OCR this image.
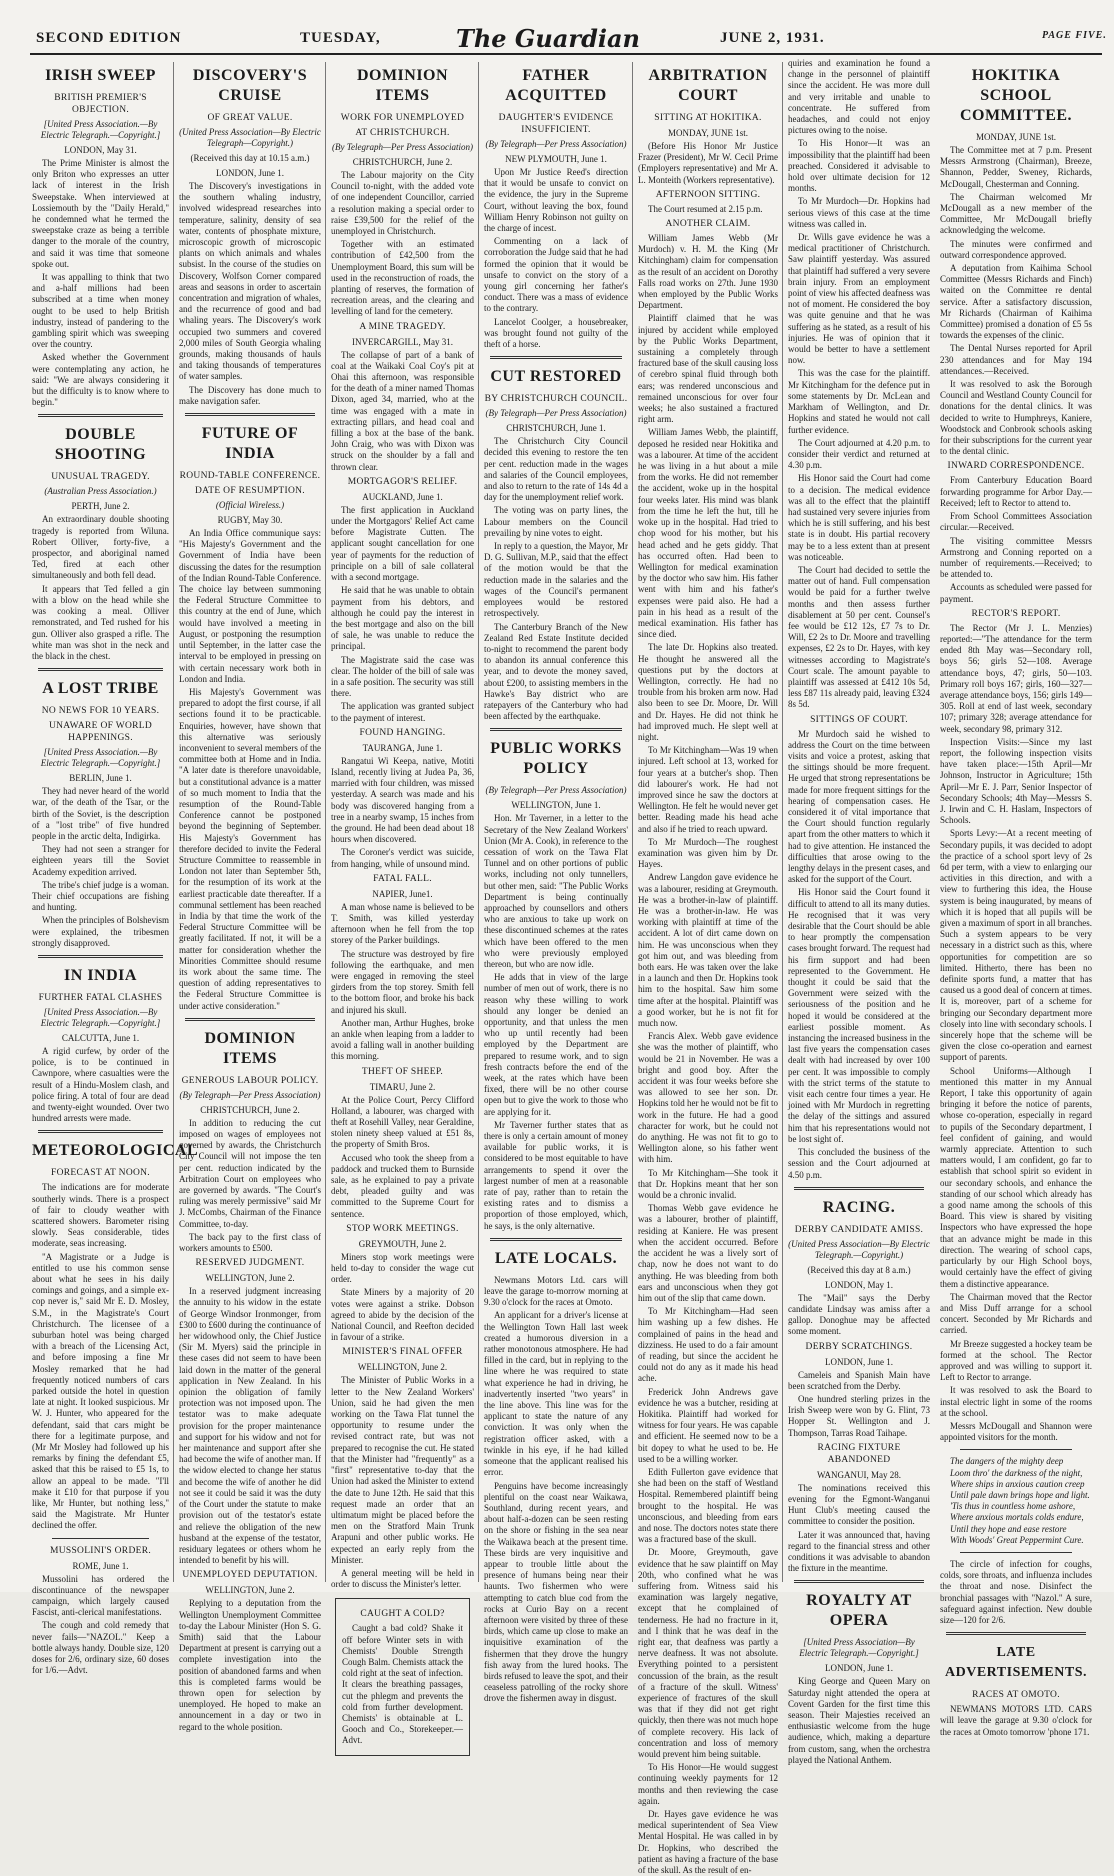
SECOND EDITION	TUESDAY,	The Guardian	JUNE 2, 1931.	PAGE FIVE.
IRISH SWEEP
BRITISH PREMIER'S OBJECTION.
[United Press Association.—By Electric Telegraph.—Copyright.]
LONDON, May 31.

The Prime Minister is almost the only Briton who expresses an utter lack of interest in the Irish Sweepstake. When interviewed at Lossiemouth by the "Daily Herald," he condemned what he termed the sweepstake craze as being a terrible danger to the morale of the country, and said it was time that someone spoke out.

It was appalling to think that two and a-half millions had been subscribed at a time when money ought to be used to help British industry, instead of pandering to the gambling spirit which was sweeping over the country.

Asked whether the Government were contemplating any action, he said: "We are always considering it but the difficulty is to know where to begin."

DOUBLE SHOOTING
UNUSUAL TRAGEDY.
(Australian Press Association.)
PERTH, June 2.

An extraordinary double shooting tragedy is reported from Wiluna. Robert Olliver, forty-five, a prospector, and aboriginal named Ted, fired at each other simultaneously and both fell dead.

It appears that Ted felled a gin with a blow on the head while she was cooking a meal. Olliver remonstrated, and Ted rushed for his gun. Olliver also grasped a rifle. The white man was shot in the neck and the black in the chest.

A LOST TRIBE
NO NEWS FOR 10 YEARS.
UNAWARE OF WORLD HAPPENINGS.
[United Press Association.—By Electric Telegraph.—Copyright.]
BERLIN, June 1.

They had never heard of the world war, of the death of the Tsar, or the birth of the Soviet, is the description of a "lost tribe" of five hundred people in the arctic delta, Indigirka.

They had not seen a stranger for eighteen years till the Soviet Academy expedition arrived.

The tribe's chief judge is a woman. Their chief occupations are fishing and hunting.

When the principles of Bolshevism were explained, the tribesmen strongly disapproved.

IN INDIA
FURTHER FATAL CLASHES
[United Press Association.—By Electric Telegraph.—Copyright.]
CALCUTTA, June 1.

A rigid curfew, by order of the police, is to be continued in Cawnpore, where casualties were the result of a Hindu-Moslem clash, and police firing. A total of four are dead and twenty-eight wounded. Over two hundred arrests were made.

METEOROLOGICAL
FORECAST AT NOON.

The indications are for moderate southerly winds. There is a prospect of fair to cloudy weather with scattered showers. Barometer rising slowly. Seas considerable, tides moderate, seas increasing.

"A Magistrate or a Judge is entitled to use his common sense about what he sees in his daily comings and goings, and a simple ex-cop never is," said Mr E. D. Mosley, S.M., in the Magistrate's Court Christchurch. The licensee of a suburban hotel was being charged with a breach of the Licensing Act, and before imposing a fine Mr Mosley remarked that he had frequently noticed numbers of cars parked outside the hotel in question late at night. It looked suspicious. Mr W. J. Hunter, who appeared for the defendant, said that cars might be there for a legitimate purpose, and (Mr Mr Mosley had followed up his remarks by fining the defendant £5, asked that this be raised to £5 1s, to allow an appeal to be made. "I'll make it £10 for that purpose if you like, Mr Hunter, but nothing less," said the Magistrate. Mr Hunter declined the offer.

MUSSOLINI'S ORDER.
ROME, June 1.

Mussolini has ordered the discontinuance of the newspaper campaign, which largely caused Fascist, anti-clerical manifestations.

The cough and cold remedy that never fails—"NAZOL." Keep a bottle always handy. Double size, 120 doses for 2/6, ordinary size, 60 doses for 1/6.—Advt.

DISCOVERY'S CRUISE
OF GREAT VALUE.
(United Press Association—By Electric Telegraph—Copyright.)
(Received this day at 10.15 a.m.)
LONDON, June 1.

The Discovery's investigations in the southern whaling industry, involved widespread researches into temperature, salinity, density of sea water, contents of phosphate mixture, microscopic growth of microscopic plants on which animals and whales subsist. In the course of the studies on Discovery, Wolfson Corner compared areas and seasons in order to ascertain concentration and migration of whales, and the recurrence of good and bad whaling years. The Discovery's work occupied two summers and covered 2,000 miles of South Georgia whaling grounds, making thousands of hauls and taking thousands of temperatures of water samples.

The Discovery has done much to make navigation safer.

FUTURE OF INDIA
ROUND-TABLE CONFERENCE.
DATE OF RESUMPTION.
(Official Wireless.)
RUGBY, May 30.

An India Office communique says: "His Majesty's Government and the Government of India have been discussing the dates for the resumption of the Indian Round-Table Conference. The choice lay between summoning the Federal Structure Committee to this country at the end of June, which would have involved a meeting in August, or postponing the resumption until September, in the latter case the interval to be employed in pressing on with certain necessary work both in London and India.

His Majesty's Government was prepared to adopt the first course, if all sections found it to be practicable. Enquiries, however, have shown that this alternative was seriously inconvenient to several members of the committee both at Home and in India. "A later date is therefore unavoidable, but a constitutional advance is a matter of so much moment to India that the resumption of the Round-Table Conference cannot be postponed beyond the beginning of September. His Majesty's Government has therefore decided to invite the Federal Structure Committee to reassemble in London not later than September 5th, for the resumption of its work at the earliest practicable date thereafter. If a communal settlement has been reached in India by that time the work of the Federal Structure Committee will be greatly facilitated. If not, it will be a matter for consideration whether the Minorities Committee should resume its work about the same time. The question of adding representatives to the Federal Structure Committee is under active consideration."

DOMINION ITEMS
GENEROUS LABOUR POLICY.
(By Telegraph—Per Press Association)
CHRISTCHURCH, June 2.

In addition to reducing the cut imposed on wages of employees not governed by awards, the Christchurch City Council will not impose the ten per cent. reduction indicated by the Arbitration Court on employees who are governed by awards. "The Court's ruling was merely permissive" said Mr J. McCombs, Chairman of the Finance Committee, to-day.

The back pay to the first class of workers amounts to £500.

RESERVED JUDGMENT.
WELLINGTON, June 2.

In a reserved judgment increasing the annuity to his widow in the estate of George Windsor Ironmonger, from £300 to £600 during the continuance of her widowhood only, the Chief Justice (Sir M. Myers) said the principle in these cases did not seem to have been laid down in the matter of the general application in New Zealand. In his opinion the obligation of family protection was not imposed upon. The testator was to make adequate provision for the proper maintenance and support for his widow and not for her maintenance and support after she had become the wife of another man. If the widow elected to change her status and become the wife of another he did not see it could be said it was the duty of the Court under the statute to make provision out of the testator's estate and relieve the obligation of the new husband at the expense of the testator, residuary legatees or others whom he intended to benefit by his will.

UNEMPLOYED DEPUTATION.
WELLINGTON, June 2.

Replying to a deputation from the Wellington Unemployment Committee to-day the Labour Minister (Hon S. G. Smith) said that the Labour Department at present is carrying out a complete investigation into the position of abandoned farms and when this is completed farms would be thrown open for selection by unemployed. He hoped to make an announcement in a day or two in regard to the whole position.

DOMINION ITEMS
WORK FOR UNEMPLOYED
AT CHRISTCHURCH.
(By Telegraph—Per Press Association)
CHRISTCHURCH, June 2.

The Labour majority on the City Council to-night, with the added vote of one independent Councillor, carried a resolution making a special order to raise £39,500 for the relief of the unemployed in Christchurch.

Together with an estimated contribution of £42,500 from the Unemployment Board, this sum will be used in the reconstruction of roads, the planting of reserves, the formation of recreation areas, and the clearing and levelling of land for the cemetery.

A MINE TRAGEDY.
INVERCARGILL, May 31.

The collapse of part of a bank of coal at the Waikaki Coal Coy's pit at Ohai this afternoon, was responsible for the death of a miner named Thomas Dixon, aged 34, married, who at the time was engaged with a mate in extracting pillars, and head coal and filling a box at the base of the bank. John Craig, who was with Dixon was struck on the shoulder by a fall and thrown clear.

MORTGAGOR'S RELIEF.
AUCKLAND, June 1.

The first application in Auckland under the Mortgagors' Relief Act came before Magistrate Cutten. The applicant sought cancellation for one year of payments for the reduction of principle on a bill of sale collateral with a second mortgage.

He said that he was unable to obtain payment from his debtors, and although he could pay the interest in the best mortgage and also on the bill of sale, he was unable to reduce the principal.

The Magistrate said the case was clear. The holder of the bill of sale was in a safe position. The security was still there.

The application was granted subject to the payment of interest.

FOUND HANGING.
TAURANGA, June 1.

Rangatui Wi Keepa, native, Motiti Island, recently living at Judea Pa, 36, married with four children, was missed yesterday. A search was made and his body was discovered hanging from a tree in a nearby swamp, 15 inches from the ground. He had been dead about 18 hours when discovered.

The Coroner's verdict was suicide, from hanging, while of unsound mind.

FATAL FALL.
NAPIER, June1.

A man whose name is believed to be T. Smith, was killed yesterday afternoon when he fell from the top storey of the Parker buildings.

The structure was destroyed by fire following the earthquake, and men were engaged in removing the steel girders from the top storey. Smith fell to the bottom floor, and broke his back and injured his skull.

Another man, Arthur Hughes, broke an ankle when leaping from a ladder to avoid a falling wall in another building this morning.

THEFT OF SHEEP.
TIMARU, June 2.

At the Police Court, Percy Clifford Holland, a labourer, was charged with theft at Rosehill Valley, near Geraldine, stolen ninety sheep valued at £51 8s, the property of Smith Bros.

Accused who took the sheep from a paddock and trucked them to Burnside sale, as he explained to pay a private debt, pleaded guilty and was committed to the Supreme Court for sentence.

STOP WORK MEETINGS.
GREYMOUTH, June 2.

Miners stop work meetings were held to-day to consider the wage cut order.

State Miners by a majority of 20 votes were against a strike. Dobson agreed to abide by the decision of the National Council, and Reefton decided in favour of a strike.

MINISTER'S FINAL OFFER
WELLINGTON, June 2.

The Minister of Public Works in a letter to the New Zealand Workers' Union, said he had given the men working on the Tawa Flat tunnel the opportunity to resume under the revised contract rate, but was not prepared to recognise the cut. He stated that the Minister had "frequently" as a "first" representative to-day that the Union had asked the Minister to extend the date to June 12th. He said that this request made an order that an ultimatum might be placed before the men on the Stratford Main Trunk Arapuni and other public works. He expected an early reply from the Minister.

A general meeting will be held in order to discuss the Minister's letter.

CAUGHT A COLD?

Caught a bad cold? Shake it off before Winter sets in with Chemists' Double Strength Cough Balm. Chemists attack the cold right at the seat of infection. It clears the breathing passages, cut the phlegm and prevents the cold from further development. Chemists' is obtainable at L. Gooch and Co., Storekeeper.—Advt.

FATHER ACQUITTED
DAUGHTER'S EVIDENCE INSUFFICIENT.
(By Telegraph—Per Press Association)
NEW PLYMOUTH, June 1.

Upon Mr Justice Reed's direction that it would be unsafe to convict on the evidence, the jury in the Supreme Court, without leaving the box, found William Henry Robinson not guilty on the charge of incest.

Commenting on a lack of corroboration the Judge said that he had formed the opinion that it would be unsafe to convict on the story of a young girl concerning her father's conduct. There was a mass of evidence to the contrary.

Lancelot Coolger, a housebreaker, was brought found not guilty of the theft of a horse.

CUT RESTORED
BY CHRISTCHURCH COUNCIL.
(By Telegraph—Per Press Association)
CHRISTCHURCH, June 1.

The Christchurch City Council decided this evening to restore the ten per cent. reduction made in the wages and salaries of the Council employees, and also to return to the rate of 14s 4d a day for the unemployment relief work.

The voting was on party lines, the Labour members on the Council prevailing by nine votes to eight.

In reply to a question, the Mayor, Mr D. G. Sullivan, M.P., said that the effect of the motion would be that the reduction made in the salaries and the wages of the Council's permanent employees would be restored retrospectively.

The Canterbury Branch of the New Zealand Red Estate Institute decided to-night to recommend the parent body to abandon its annual conference this year, and to devote the money saved, about £200, to assisting members in the Hawke's Bay district who are ratepayers of the Canterbury who had been affected by the earthquake.

PUBLIC WORKS POLICY
(By Telegraph—Per Press Association)
WELLINGTON, June 1.

Hon. Mr Taverner, in a letter to the Secretary of the New Zealand Workers' Union (Mr A. Cook), in reference to the cessation of work on the Tawa Flat Tunnel and on other portions of public works, including not only tunnellers, but other men, said: "The Public Works Department is being continually approached by counsellors and others who are anxious to take up work on these discontinued schemes at the rates which have been offered to the men who were previously employed thereon, but who are now idle.

He adds that in view of the large number of men out of work, there is no reason why these willing to work should any longer be denied an opportunity, and that unless the men who up until recently had been employed by the Department are prepared to resume work, and to sign fresh contracts before the end of the week, at the rates which have been fixed, there will be no other course open but to give the work to those who are applying for it.

Mr Taverner further states that as there is only a certain amount of money available for public works, it is considered to be most equitable to have arrangements to spend it over the largest number of men at a reasonable rate of pay, rather than to retain the existing rates and to dismiss a proportion of those employed, which, he says, is the only alternative.

LATE LOCALS.

Newmans Motors Ltd. cars will leave the garage to-morrow morning at 9.30 o'clock for the races at Omoto.

An applicant for a driver's license at the Wellington Town Hall last week created a humorous diversion in a rather monotonous atmosphere. He had filled in the card, but in replying to the line where he was required to state what experience he had in driving, he inadvertently inserted "two years" in the line above. This line was for the applicant to state the nature of any conviction. It was only when the registration officer asked, with a twinkle in his eye, if he had killed someone that the applicant realised his error.

Penguins have become increasingly plentiful on the coast near Waikawa, Southland, during recent years, and about half-a-dozen can be seen resting on the shore or fishing in the sea near the Waikawa beach at the present time. These birds are very inquisitive and appear to trouble little about the presence of humans being near their haunts. Two fishermen who were attempting to catch blue cod from the rocks at Curio Bay on a recent afternoon were visited by three of these birds, which came up close to make an inquisitive examination of the fishermen that they drove the hungry fish away from the lured hooks. The birds refused to leave the spot, and their ceaseless patrolling of the rocky shore drove the fishermen away in disgust.

ARBITRATION COURT
SITTING AT HOKITIKA.
MONDAY, JUNE 1st.

(Before His Honor Mr Justice Frazer (President), Mr W. Cecil Prime (Employers representative) and Mr A. L. Monteith (Workers representative).

AFTERNOON SITTING.

The Court resumed at 2.15 p.m.

ANOTHER CLAIM.

William James Webb (Mr Murdoch) v. H. M. the King (Mr Kitchingham) claim for compensation as the result of an accident on Dorothy Falls road works on 27th. June 1930 when employed by the Public Works Department.

Plaintiff claimed that he was injured by accident while employed by the Public Works Department, sustaining a completely through fractured base of the skull causing loss of cerebro spinal fluid through both ears; was rendered unconscious and remained unconscious for over four weeks; he also sustained a fractured right arm.

William James Webb, the plaintiff, deposed he resided near Hokitika and was a labourer. At time of the accident he was living in a hut about a mile from the works. He did not remember the accident, woke up in the hospital four weeks later. His mind was blank from the time he left the hut, till he woke up in the hospital. Had tried to chop wood for his mother, but his head ached and he gets giddy. That has occurred often. Had been to Wellington for medical examination by the doctor who saw him. His father went with him and his father's expenses were paid also. He had a pain in his head as a result of the medical examination. His father has since died.

The late Dr. Hopkins also treated. He thought he answered all the questions put by the doctors at Wellington, correctly. He had no trouble from his broken arm now. Had also been to see Dr. Moore, Dr. Will and Dr. Hayes. He did not think he had improved much. He slept well at night.

To Mr Kitchingham—Was 19 when injured. Left school at 13, worked for four years at a butcher's shop. Then did labourer's work. He had not improved since he saw the doctors at Wellington. He felt he would never get better. Reading made his head ache and also if he tried to reach upward.

To Mr Murdoch—The roughest examination was given him by Dr. Hayes.

Andrew Langdon gave evidence he was a labourer, residing at Greymouth. He was a brother-in-law of plaintiff. He was a brother-in-law. He was working with plaintiff at time of the accident. A lot of dirt came down on him. He was unconscious when they got him out, and was bleeding from both ears. He was taken over the lake in a launch and then Dr. Hopkins took him to the hospital. Saw him some time after at the hospital. Plaintiff was a good worker, but he is not fit for much now.

Francis Alex. Webb gave evidence she was the mother of plaintiff, who would be 21 in November. He was a bright and good boy. After the accident it was four weeks before she was allowed to see her son. Dr. Hopkins told her he would not be fit to work in the future. He had a good character for work, but he could not do anything. He was not fit to go to Wellington alone, so his father went with him.

To Mr Kitchingham—She took it that Dr. Hopkins meant that her son would be a chronic invalid.

Thomas Webb gave evidence he was a labourer, brother of plaintiff, residing at Kaniere. He was present when the accident occurred. Before the accident he was a lively sort of chap, now he does not want to do anything. He was bleeding from both ears and unconscious when they got him out of the slip that came down.

To Mr Kitchingham—Had seen him washing up a few dishes. He complained of pains in the head and dizziness. He used to do a fair amount of reading, but since the accident he could not do any as it made his head ache.

Frederick John Andrews gave evidence he was a butcher, residing at Hokitika. Plaintiff had worked for witness for four years. He was capable and efficient. He seemed now to be a bit dopey to what he used to be. He used to be a willing worker.

Edith Fullerton gave evidence that she had been on the staff of Westland Hospital. Remembered plaintiff being brought to the hospital. He was unconscious, and bleeding from ears and nose. The doctors notes state there was a fractured base of the skull.

Dr. Moore, Greymouth, gave evidence that he saw plaintiff on May 20th, who confined what he was suffering from. Witness said his examination was largely negative, except that he complained of tenderness. He had no fracture in it, and I think that he was deaf in the right ear, that deafness was partly a nerve deafness. It was not absolute. Everything pointed to a persistent concussion of the brain, as the result of a fracture of the skull. Witness' experience of fractures of the skull was that if they did not get right quickly, then there was not much hope of complete recovery. His lack of concentration and loss of memory would prevent him being suitable.

To His Honor—He would suggest continuing weekly payments for 12 months and then reviewing the case again.

Dr. Hayes gave evidence he was medical superintendent of Sea View Mental Hospital. He was called in by Dr. Hopkins, who described the patient as having a fracture of the base of the skull. As the result of en-

quiries and examination he found a change in the personnel of plaintiff since the accident. He was more dull and very irritable and unable to concentrate. He suffered from headaches, and could not enjoy pictures owing to the noise.

To His Honor—It was an impossibility that the plaintiff had been preached. Considered it advisable to hold over ultimate decision for 12 months.

To Mr Murdoch—Dr. Hopkins had serious views of this case at the time witness was called in.

Dr. Wills gave evidence he was a medical practitioner of Christchurch. Saw plaintiff yesterday. Was assured that plaintiff had suffered a very severe brain injury. From an employment point of view his affected deafness was not of moment. He considered the boy was quite genuine and that he was suffering as he stated, as a result of his injuries. He was of opinion that it would be better to have a settlement now.

This was the case for the plaintiff. Mr Kitchingham for the defence put in some statements by Dr. McLean and Markham of Wellington, and Dr. Hopkins and stated he would not call further evidence.

The Court adjourned at 4.20 p.m. to consider their verdict and returned at 4.30 p.m.

His Honor said the Court had come to a decision. The medical evidence was all to the effect that the plaintiff had sustained very severe injuries from which he is still suffering, and his best state is in doubt. His partial recovery may be to a less extent than at present was noticeable.

The Court had decided to settle the matter out of hand. Full compensation would be paid for a further twelve months and then assess further disablement at 50 per cent. Counsel's fee would be £12 12s, £7 7s to Dr. Will, £2 2s to Dr. Moore and travelling expenses, £2 2s to Dr. Hayes, with key witnesses according to Magistrate's Court scale. The amount payable to plaintiff was assessed at £412 10s 5d, less £87 11s already paid, leaving £324 8s 5d.

SITTINGS OF COURT.

Mr Murdoch said he wished to address the Court on the time between visits and voice a protest, asking that the sittings should be more frequent. He urged that strong representations be made for more frequent sittings for the hearing of compensation cases. He considered it of vital importance that the Court should function regularly apart from the other matters to which it had to give attention. He instanced the difficulties that arose owing to the lengthy delays in the present cases, and asked for the support of the Court.

His Honor said the Court found it difficult to attend to all its many duties. He recognised that it was very desirable that the Court should be able to hear promptly the compensation cases brought forward. The request had his firm support and had been represented to the Government. He thought it could be said that the Government were seized with the seriousness of the position and he hoped it would be considered at the earliest possible moment. As instancing the increased business in the last five years the compensation cases dealt with had increased by over 100 per cent. It was impossible to comply with the strict terms of the statute to visit each centre four times a year. He joined with Mr Murdoch in regretting the delay of the sittings and assured him that his representations would not be lost sight of.

This concluded the business of the session and the Court adjourned at 4.50 p.m.

RACING.
DERBY CANDIDATE AMISS.
(United Press Association—By Electric Telegraph.—Copyright.)
(Received this day at 8 a.m.)
LONDON, May 1.

The "Mail" says the Derby candidate Lindsay was amiss after a gallop. Donoghue may be affected some moment.

DERBY SCRATCHINGS.
LONDON, June 1.

Cameleis and Spanish Main have been scratched from the Derby.

One hundred sterling prizes in the Irish Sweep were won by G. Flint, 73 Hopper St. Wellington and J. Thompson, Tarras Road Taihape.

RACING FIXTURE ABANDONED
WANGANUI, May 28.

The nominations received this evening for the Egmont-Wanganui Hunt Club's meeting caused the committee to consider the position.

Later it was announced that, having regard to the financial stress and other conditions it was advisable to abandon the fixture in the meantime.

ROYALTY AT OPERA
[United Press Association—By Electric Telegraph.—Copyright.]
LONDON, June 1.

King George and Queen Mary on Saturday night attended the opera at Covent Garden for the first time this season. Their Majesties received an enthusiastic welcome from the huge audience, which, making a departure from custom, sang, when the orchestra played the National Anthem.

HOKITIKA SCHOOL COMMITTEE.
MONDAY, JUNE 1st.

The Committee met at 7 p.m. Present Messrs Armstrong (Chairman), Breeze, Shannon, Pedder, Sweney, Richards, McDougall, Chesterman and Conning.

The Chairman welcomed Mr McDougall as a new member of the Committee, Mr McDougall briefly acknowledging the welcome.

The minutes were confirmed and outward correspondence approved.

A deputation from Kaihima School Committee (Messrs Richards and Finch) waited on the Committee re dental service. After a satisfactory discussion, Mr Richards (Chairman of Kaihima Committee) promised a donation of £5 5s towards the expenses of the clinic.

The Dental Nurses reported for April 230 attendances and for May 194 attendances.—Received.

It was resolved to ask the Borough Council and Westland County Council for donations for the dental clinics. It was decided to write to Humphreys, Kaniere, Woodstock and Conbrook schools asking for their subscriptions for the current year to the dental clinic.

INWARD CORRESPONDENCE.

From Canterbury Education Board forwarding programme for Arbor Day.—Received; left to Rector to attend to.

From School Committees Association circular.—Received.

The visiting committee Messrs Armstrong and Conning reported on a number of requirements.—Received; to be attended to.

Accounts as scheduled were passed for payment.

RECTOR'S REPORT.

The Rector (Mr J. L. Menzies) reported:—"The attendance for the term ended 8th May was—Secondary roll, boys 56; girls 52—108. Average attendance boys, 47; girls, 50—103. Primary roll boys 167; girls, 160—327—average attendance boys, 156; girls 149—305. Roll at end of last week, secondary 107; primary 328; average attendance for week, secondary 98, primary 312.

Inspection Visits:—Since my last report, the following inspection visits have taken place:—15th April—Mr Johnson, Instructor in Agriculture; 15th April—Mr E. J. Parr, Senior Inspector of Secondary Schools; 4th May—Messrs S. J. Irwin and C. H. Haslam, Inspectors of Schools.

Sports Levy:—At a recent meeting of Secondary pupils, it was decided to adopt the practice of a school sport levy of 2s 6d per term, with a view to enlarging our activities in this direction, and with a view to furthering this idea, the House system is being inaugurated, by means of which it is hoped that all pupils will be given a maximum of sport in all branches. Such a system appears to be very necessary in a district such as this, where opportunities for competition are so limited. Hitherto, there has been no definite sports fund, a matter that has caused us a good deal of concern at times. It is, moreover, part of a scheme for bringing our Secondary department more closely into line with secondary schools. I sincerely hope that the scheme will be given the close co-operation and earnest support of parents.

School Uniforms—Although I mentioned this matter in my Annual Report, I take this opportunity of again bringing it before the notice of parents, whose co-operation, especially in regard to pupils of the Secondary department, I feel confident of gaining, and would warmly appreciate. Attention to such matters would, I am confident, go far to establish that school spirit so evident in our secondary schools, and enhance the standing of our school which already has a good name among the schools of this Board. This view is shared by visiting Inspectors who have expressed the hope that an advance might be made in this direction. The wearing of school caps, particularly by our High School boys, would certainly have the effect of giving them a distinctive appearance.

The Chairman moved that the Rector and Miss Duff arrange for a school concert. Seconded by Mr Richards and carried.

Mr Breeze suggested a hockey team be formed at the school. The Rector approved and was willing to support it. Left to Rector to arrange.

It was resolved to ask the Board to instal electric light in some of the rooms at the school.

Messrs McDougall and Shannon were appointed visitors for the month.

The dangers of the mighty deep
Loom thro' the darkness of the night,
Where ships in anxious caution creep
Until pale dawn brings hope and light.
'Tis thus in countless home ashore,
Where anxious mortals colds endure,
Until they hope and ease restore
With Woods' Great Peppermint Cure.

The circle of infection for coughs, colds, sore throats, and influenza includes the throat and nose. Disinfect the bronchial passages with "Nazol." A sure, safeguard against infection. New double size—120 for 2/6.

LATE ADVERTISEMENTS.
RACES AT OMOTO.

NEWMANS MOTORS LTD. CARS will leave the garage at 9.30 o'clock for the races at Omoto tomorrow 'phone 171.
